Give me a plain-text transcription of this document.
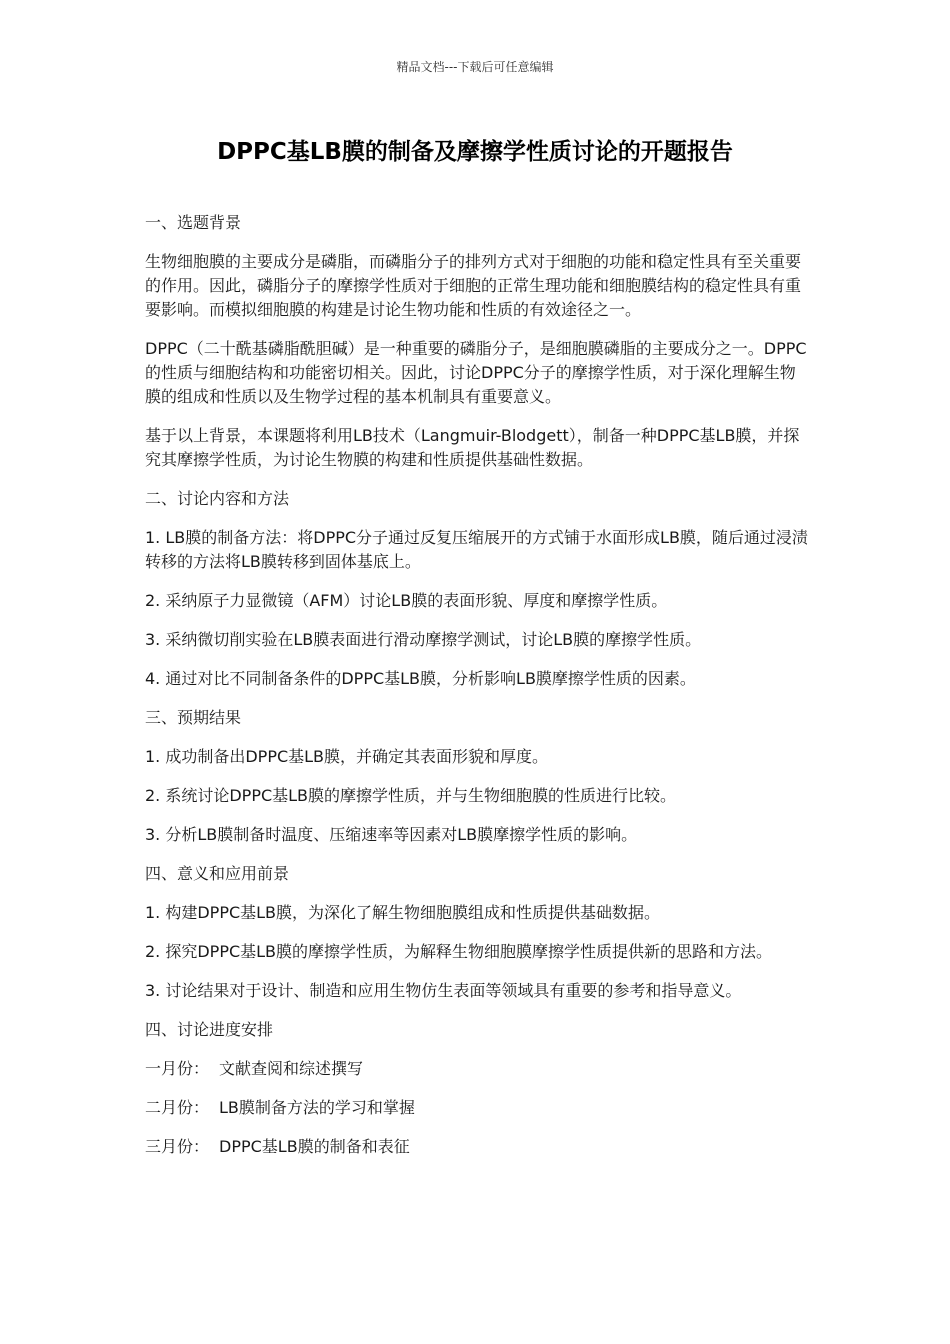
精品文档---下载后可任意编辑
DPPC基LB膜的制备及摩擦学性质讨论的开题报告

一、选题背景

生物细胞膜的主要成分是磷脂，而磷脂分子的排列方式对于细胞的功能和稳定性具有至关重要的作用。因此，磷脂分子的摩擦学性质对于细胞的正常生理功能和细胞膜结构的稳定性具有重要影响。而模拟细胞膜的构建是讨论生物功能和性质的有效途径之一。

DPPC（二十酰基磷脂酰胆碱）是一种重要的磷脂分子，是细胞膜磷脂的主要成分之一。DPPC的性质与细胞结构和功能密切相关。因此，讨论DPPC分子的摩擦学性质，对于深化理解生物膜的组成和性质以及生物学过程的基本机制具有重要意义。

基于以上背景，本课题将利用LB技术（Langmuir-Blodgett），制备一种DPPC基LB膜，并探究其摩擦学性质，为讨论生物膜的构建和性质提供基础性数据。

二、讨论内容和方法

1. LB膜的制备方法：将DPPC分子通过反复压缩展开的方式铺于水面形成LB膜，随后通过浸渍转移的方法将LB膜转移到固体基底上。

2. 采纳原子力显微镜（AFM）讨论LB膜的表面形貌、厚度和摩擦学性质。

3. 采纳微切削实验在LB膜表面进行滑动摩擦学测试，讨论LB膜的摩擦学性质。

4. 通过对比不同制备条件的DPPC基LB膜，分析影响LB膜摩擦学性质的因素。

三、预期结果

1. 成功制备出DPPC基LB膜，并确定其表面形貌和厚度。

2. 系统讨论DPPC基LB膜的摩擦学性质，并与生物细胞膜的性质进行比较。

3. 分析LB膜制备时温度、压缩速率等因素对LB膜摩擦学性质的影响。

四、意义和应用前景

1. 构建DPPC基LB膜，为深化了解生物细胞膜组成和性质提供基础数据。

2. 探究DPPC基LB膜的摩擦学性质，为解释生物细胞膜摩擦学性质提供新的思路和方法。

3. 讨论结果对于设计、制造和应用生物仿生表面等领域具有重要的参考和指导意义。

四、讨论进度安排

一月份： 文献查阅和综述撰写

二月份： LB膜制备方法的学习和掌握

三月份： DPPC基LB膜的制备和表征
